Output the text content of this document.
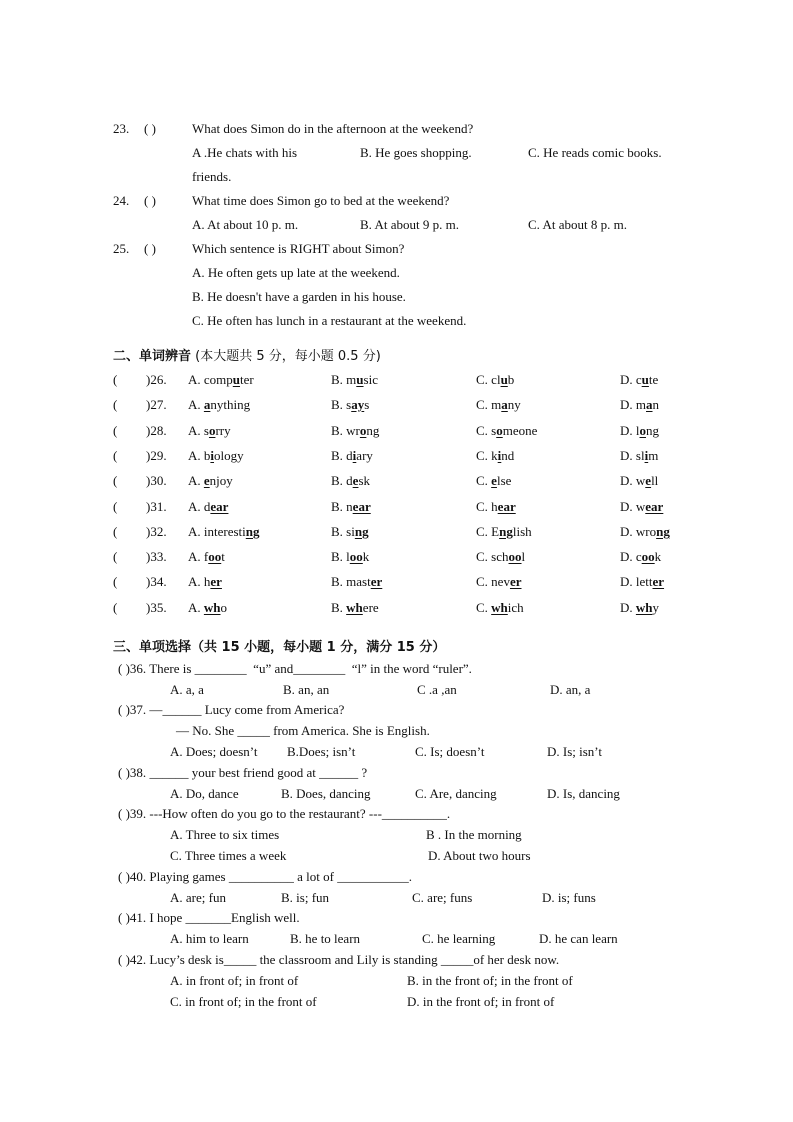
23. ( )	What does Simon do in the afternoon at the weekend?
A .He chats with his	B. He goes shopping.	C. He reads comic books.
friends.
24. ( )	What time does Simon go to bed at the weekend?
A. At about 10 p. m.	B. At about 9 p. m.	C. At about 8 p. m.
25. ( )	Which sentence is RIGHT about Simon?
A. He often gets up late at the weekend.
B. He doesn't have a garden in his house.
C. He often has lunch in a restaurant at the weekend.
二、单词辨音 (本大题共 5 分，每小题 0.5 分)
( )26. A. computer	B. music	C. club	D. cute
( )27. A. anything	B. says	C. many	D. man
( )28. A. sorry	B. wrong	C. someone	D. long
( )29. A. biology	B. diary	C. kind	D. slim
( )30. A. enjoy	B. desk	C. else	D. well
( )31. A. dear	B. near	C. hear	D. wear
( )32. A. interesting	B. sing	C. English	D. wrong
( )33. A. foot	B. look	C. school	D. cook
( )34. A. her	B. master	C. never	D. letter
( )35. A. who	B. where	C. which	D. why
三、单项选择（共 15 小题，每小题 1 分，满分 15 分）
( )36. There is ________ “u” and________ “l” in the word “ruler”.
A. a, a	B. an, an	C .a ,an	D. an, a
( )37. —______ Lucy come from America?
— No. She _____ from America. She is English.
A. Does; doesn’t B.Does; isn’t	C. Is; doesn’t	D. Is; isn’t
( )38. ______ your best friend good at ______ ?
A. Do, dance	B. Does, dancing	C. Are, dancing	D. Is, dancing
( )39. ---How often do you go to the restaurant? ---__________.
A. Three to six times	B . In the morning
C. Three times a week	D. About two hours
( )40. Playing games __________ a lot of ___________.
A. are; fun	B. is; fun	C. are; funs	D. is; funs
( )41. I hope _______English well.
A. him to learn	B. he to learn	C. he learning	D. he can learn
( )42. Lucy’s desk is_____ the classroom and Lily is standing _____of her desk now.
A. in front of; in front of	B. in the front of; in the front of
C. in front of; in the front of	D. in the front of; in front of
